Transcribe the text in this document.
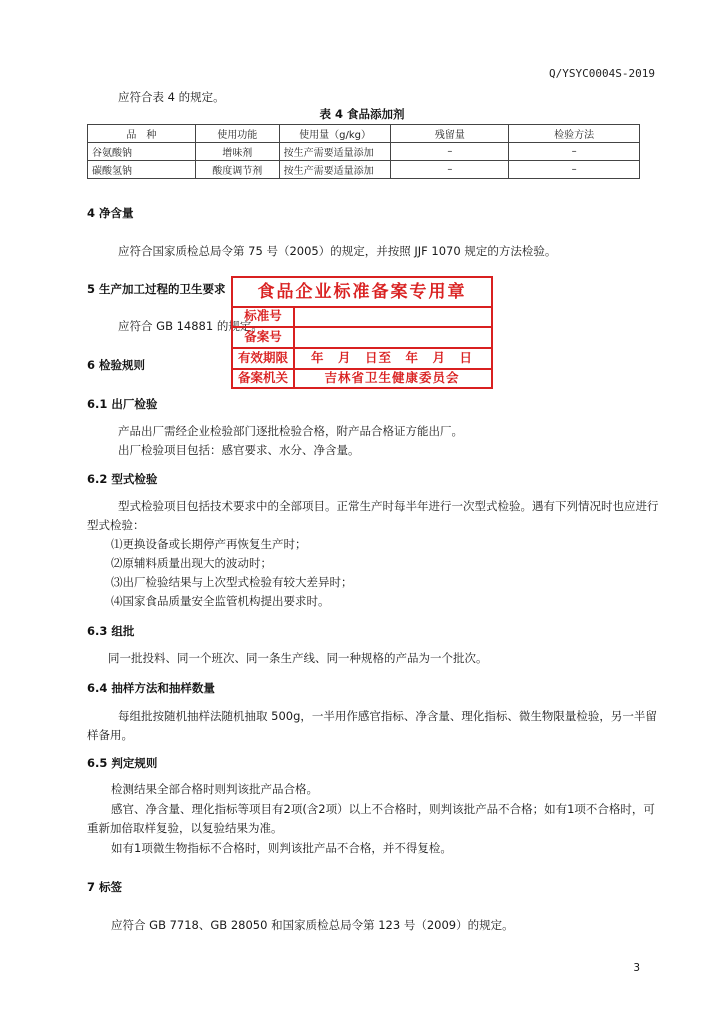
Q/YSYC0004S-2019
应符合表 4 的规定。
表 4 食品添加剂
品　种	使用功能	使用量（g/kg）	残留量	检验方法
谷氨酸钠	增味剂	按生产需要适量添加	–	–
碳酸氢钠	酸度调节剂	按生产需要适量添加	–	–
4 净含量
应符合国家质检总局令第 75 号（2005）的规定，并按照 JJF 1070 规定的方法检验。
5 生产加工过程的卫生要求
应符合 GB 14881 的规定。
6 检验规则
6.1 出厂检验
产品出厂需经企业检验部门逐批检验合格，附产品合格证方能出厂。
出厂检验项目包括：感官要求、水分、净含量。
6.2 型式检验
型式检验项目包括技术要求中的全部项目。正常生产时每半年进行一次型式检验。遇有下列情况时也应进行型式检验：
⑴更换设备或长期停产再恢复生产时；
⑵原辅料质量出现大的波动时；
⑶出厂检验结果与上次型式检验有较大差异时；
⑷国家食品质量安全监管机构提出要求时。
6.3 组批
同一批投料、同一个班次、同一条生产线、同一种规格的产品为一个批次。
6.4 抽样方法和抽样数量
每组批按随机抽样法随机抽取 500g，一半用作感官指标、净含量、理化指标、微生物限量检验，另一半留样备用。
6.5 判定规则
检测结果全部合格时则判该批产品合格。
感官、净含量、理化指标等项目有2项(含2项）以上不合格时，则判该批产品不合格；如有1项不合格时，可重新加倍取样复验，以复验结果为准。
如有1项微生物指标不合格时，则判该批产品不合格，并不得复检。
7 标签
应符合 GB 7718、GB 28050 和国家质检总局令第 123 号（2009）的规定。
食品企业标准备案专用章
标准号
备案号
有效期限	年　月　日至　年　月　日
备案机关	吉林省卫生健康委员会
3
